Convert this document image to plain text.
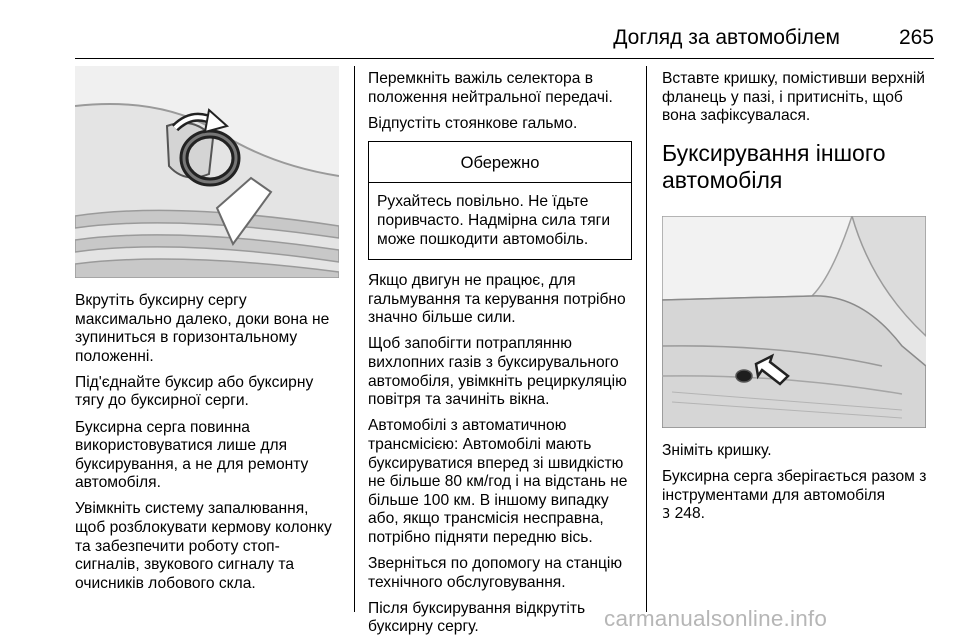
Догляд за автомобілем	265

Вкрутіть буксирну сергу максимально далеко, доки вона не зупиниться в горизонтальному положенні.

Під'єднайте буксир або буксирну тягу до буксирної серги.

Буксирна серга повинна використовуватися лише для буксирування, а не для ремонту автомобіля.

Увімкніть систему запалювання, щоб розблокувати кермову колонку та забезпечити роботу стоп-сигналів, звукового сигналу та очисників лобового скла.

Перемкніть важіль селектора в положення нейтральної передачі.

Відпустіть стоянкове гальмо.

Обережно
Рухайтесь повільно. Не їдьте поривчасто. Надмірна сила тяги може пошкодити автомобіль.

Якщо двигун не працює, для гальмування та керування потрібно значно більше сили.

Щоб запобігти потраплянню вихлопних газів з буксирувального автомобіля, увімкніть рециркуляцію повітря та зачиніть вікна.

Автомобілі з автоматичною трансмісією: Автомобілі мають буксируватися вперед зі швидкістю не більше 80 км/год і на відстань не більше 100 км. В іншому випадку або, якщо трансмісія несправна, потрібно підняти передню вісь.

Зверніться по допомогу на станцію технічного обслуговування.

Після буксирування відкрутіть буксирну сергу.

Вставте кришку, помістивши верхній фланець у пазі, і притисніть, щоб вона зафіксувалася.

Буксирування іншого автомобіля

Зніміть кришку.

Буксирна серга зберігається разом з інструментами для автомобіля
3 248.

carmanualsonline.info
